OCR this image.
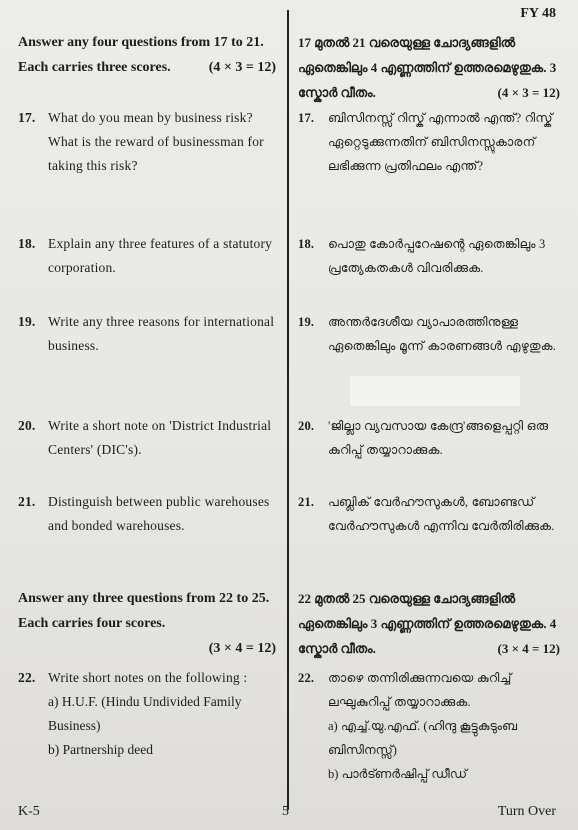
FY 48
Answer any four questions from 17 to 21. Each carries three scores.	(4 × 3 = 12)
17. What do you mean by business risk? What is the reward of businessman for taking this risk?
18. Explain any three features of a statutory corporation.
19. Write any three reasons for international business.
20. Write a short note on 'District Industrial Centers' (DIC's).
21. Distinguish between public warehouses and bonded warehouses.
Answer any three questions from 22 to 25. Each carries four scores.
(3 × 4 = 12)
22. Write short notes on the following :
a) H.U.F. (Hindu Undivided Family Business)
b) Partnership deed
17 മുതൽ 21 വരെയുള്ള ചോദ്യങ്ങളിൽ ഏതെങ്കിലും 4 എണ്ണത്തിന് ഉത്തരമെഴുതുക. 3 സ്കോർ വീതം.	(4 × 3 = 12)
17.	ബിസിനസ്സ് റിസ്ക് എന്നാൽ എന്ത്? റിസ്ക് ഏറ്റെടുക്കുന്നതിന് ബിസിനസ്സുകാരന് ലഭിക്കുന്ന പ്രതിഫലം എന്ത്?
18.	പൊതു കോർപ്പറേഷന്റെ ഏതെങ്കിലും 3 പ്രത്യേകതകൾ വിവരിക്കുക.
19.	അന്തർദേശീയ വ്യാപാരത്തിനുള്ള ഏതെങ്കിലും മൂന്ന് കാരണങ്ങൾ എഴുതുക.
20.	'ജില്ലാ വ്യവസായ കേന്ദ്ര'ങ്ങളെപ്പറ്റി ഒരു കുറിപ്പ് തയ്യാറാക്കുക.
21.	പബ്ലിക് വേർഹൗസുകൾ, ബോണ്ടഡ് വേർഹൗസുകൾ എന്നിവ വേർതിരിക്കുക.
22 മുതൽ 25 വരെയുള്ള ചോദ്യങ്ങളിൽ ഏതെങ്കിലും 3 എണ്ണത്തിന് ഉത്തരമെഴുതുക. 4 സ്കോർ വീതം.	(3 × 4 = 12)
22.	താഴെ തന്നിരിക്കുന്നവയെ കുറിച്ച് ലഘുകുറിപ്പ് തയ്യാറാക്കുക.
a) എച്ച്.യു.എഫ്. (ഹിന്ദു കൂട്ടുകുടുംബ ബിസിനസ്സ്)
b) പാർട്ണർഷിപ്പ് ഡീഡ്
K-5	5	Turn Over
